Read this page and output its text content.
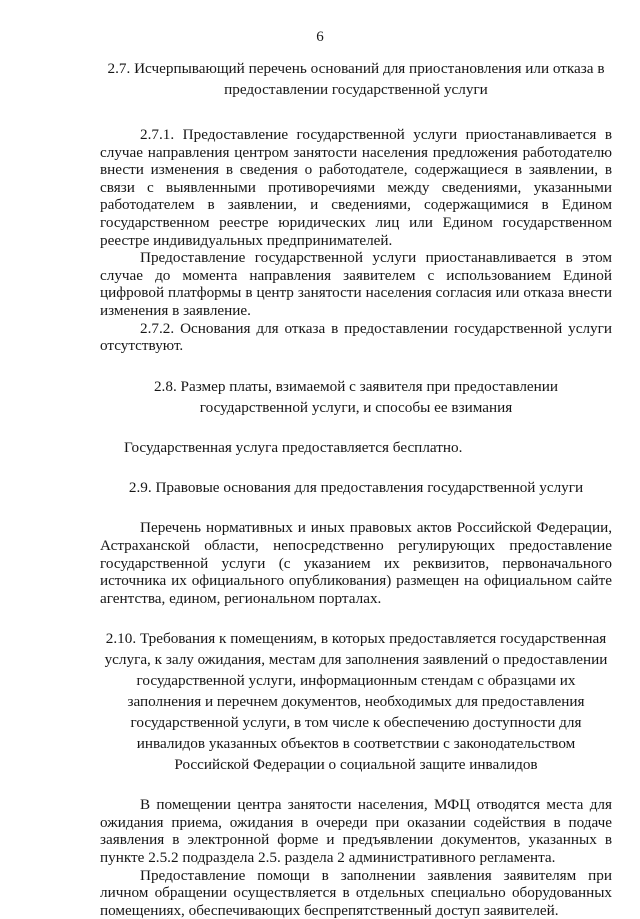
6

2.7. Исчерпывающий перечень оснований для приостановления или отказа в предоставлении государственной услуги

2.7.1. Предоставление государственной услуги приостанавливается в случае направления центром занятости населения предложения работодателю внести изменения в сведения о работодателе, содержащиеся в заявлении, в связи с выявленными противоречиями между сведениями, указанными работодателем в заявлении, и сведениями, содержащимися в Едином государственном реестре юридических лиц или Едином государственном реестре индивидуальных предпринимателей.

Предоставление государственной услуги приостанавливается в этом случае до момента направления заявителем с использованием Единой цифровой платформы в центр занятости населения согласия или отказа внести изменения в заявление.

2.7.2. Основания для отказа в предоставлении государственной услуги отсутствуют.

2.8. Размер платы, взимаемой с заявителя при предоставлении государственной услуги, и способы ее взимания

Государственная услуга предоставляется бесплатно.

2.9. Правовые основания для предоставления государственной услуги

Перечень нормативных и иных правовых актов Российской Федерации, Астраханской области, непосредственно регулирующих предоставление государственной услуги (с указанием их реквизитов, первоначального источника их официального опубликования) размещен на официальном сайте агентства, едином, региональном порталах.

2.10. Требования к помещениям, в которых предоставляется государственная услуга, к залу ожидания, местам для заполнения заявлений о предоставлении государственной услуги, информационным стендам с образцами их заполнения и перечнем документов, необходимых для предоставления государственной услуги, в том числе к обеспечению доступности для инвалидов указанных объектов в соответствии с законодательством Российской Федерации о социальной защите инвалидов

В помещении центра занятости населения, МФЦ отводятся места для ожидания приема, ожидания в очереди при оказании содействия в подаче заявления в электронной форме и предъявлении документов, указанных в пункте 2.5.2 подраздела 2.5. раздела 2 административного регламента.

Предоставление помощи в заполнении заявления заявителям при личном обращении осуществляется в отдельных специально оборудованных помещениях, обеспечивающих беспрепятственный доступ заявителей.
